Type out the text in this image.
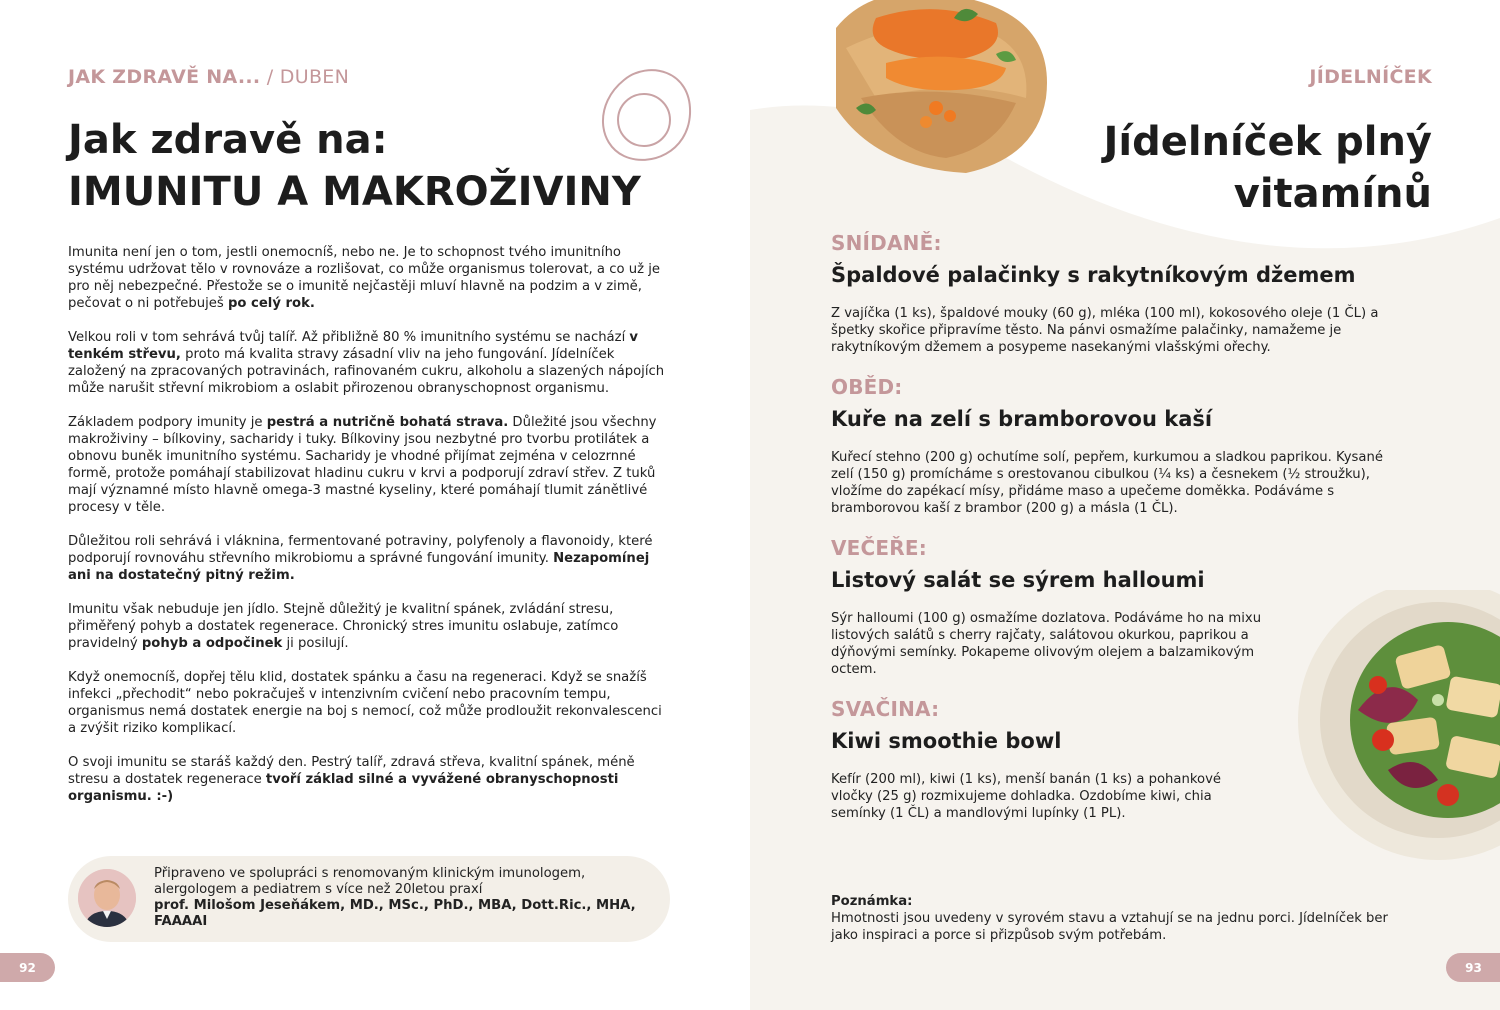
JAK ZDRAVĚ NA... / DUBEN
Jak zdravě na:
IMUNITU A MAKROŽIVINY

Imunita není jen o tom, jestli onemocníš, nebo ne. Je to schopnost tvého imunitního systému udržovat tělo v rovnováze a rozlišovat, co může organismus tolerovat, a co už je pro něj nebezpečné. Přestože se o imunitě nejčastěji mluví hlavně na podzim a v zimě, pečovat o ni potřebuješ po celý rok.

Velkou roli v tom sehrává tvůj talíř. Až přibližně 80 % imunitního systému se nachází v tenkém střevu, proto má kvalita stravy zásadní vliv na jeho fungování. Jídelníček založený na zpracovaných potravinách, rafinovaném cukru, alkoholu a slazených nápojích může narušit střevní mikrobiom a oslabit přirozenou obranyschopnost organismu.

Základem podpory imunity je pestrá a nutričně bohatá strava. Důležité jsou všechny makroživiny – bílkoviny, sacharidy i tuky. Bílkoviny jsou nezbytné pro tvorbu protilátek a obnovu buněk imunitního systému. Sacharidy je vhodné přijímat zejména v celozrnné formě, protože pomáhají stabilizovat hladinu cukru v krvi a podporují zdraví střev. Z tuků mají významné místo hlavně omega-3 mastné kyseliny, které pomáhají tlumit zánětlivé procesy v těle.

Důležitou roli sehrává i vláknina, fermentované potraviny, polyfenoly a flavonoidy, které podporují rovnováhu střevního mikrobiomu a správné fungování imunity. Nezapomínej ani na dostatečný pitný režim.

Imunitu však nebuduje jen jídlo. Stejně důležitý je kvalitní spánek, zvládání stresu, přiměřený pohyb a dostatek regenerace. Chronický stres imunitu oslabuje, zatímco pravidelný pohyb a odpočinek ji posilují.

Když onemocníš, dopřej tělu klid, dostatek spánku a času na regeneraci. Když se snažíš infekci „přechodit“ nebo pokračuješ v intenzivním cvičení nebo pracovním tempu, organismus nemá dostatek energie na boj s nemocí, což může prodloužit rekonvalescenci a zvýšit riziko komplikací.

O svoji imunitu se staráš každý den. Pestrý talíř, zdravá střeva, kvalitní spánek, méně stresu a dostatek regenerace tvoří základ silné a vyvážené obranyschopnosti organismu. :-)

Připraveno ve spolupráci s renomovaným klinickým imunologem,
alergologem a pediatrem s více než 20letou praxí
prof. Milošom Jeseňákem, MD., MSc., PhD., MBA, Dott.Ric., MHA, FAAAAI
92
JÍDELNÍČEK
Jídelníček plný vitamínů
SNÍDANĚ:
Špaldové palačinky s rakytníkovým džemem
Z vajíčka (1 ks), špaldové mouky (60 g), mléka (100 ml), kokosového oleje (1 ČL) a špetky skořice připravíme těsto. Na pánvi osmažíme palačinky, namažeme je rakytníkovým džemem a posypeme nasekanými vlašskými ořechy.
OBĚD:
Kuře na zelí s bramborovou kaší
Kuřecí stehno (200 g) ochutíme solí, pepřem, kurkumou a sladkou paprikou. Kysané zelí (150 g) promícháme s orestovanou cibulkou (¼ ks) a česnekem (½ stroužku), vložíme do zapékací mísy, přidáme maso a upečeme doměkka. Podáváme s bramborovou kaší z brambor (200 g) a másla (1 ČL).
VEČEŘE:
Listový salát se sýrem halloumi
Sýr halloumi (100 g) osmažíme dozlatova. Podáváme ho na mixu listových salátů s cherry rajčaty, salátovou okurkou, paprikou a dýňovými semínky. Pokapeme olivovým olejem a balzamikovým octem.
SVAČINA:
Kiwi smoothie bowl
Kefír (200 ml), kiwi (1 ks), menší banán (1 ks) a pohankové vločky (25 g) rozmixujeme dohladka. Ozdobíme kiwi, chia semínky (1 ČL) a mandlovými lupínky (1 PL).
Poznámka:
Hmotnosti jsou uvedeny v syrovém stavu a vztahují se na jednu porci. Jídelníček ber jako inspiraci a porce si přizpůsob svým potřebám.
93
